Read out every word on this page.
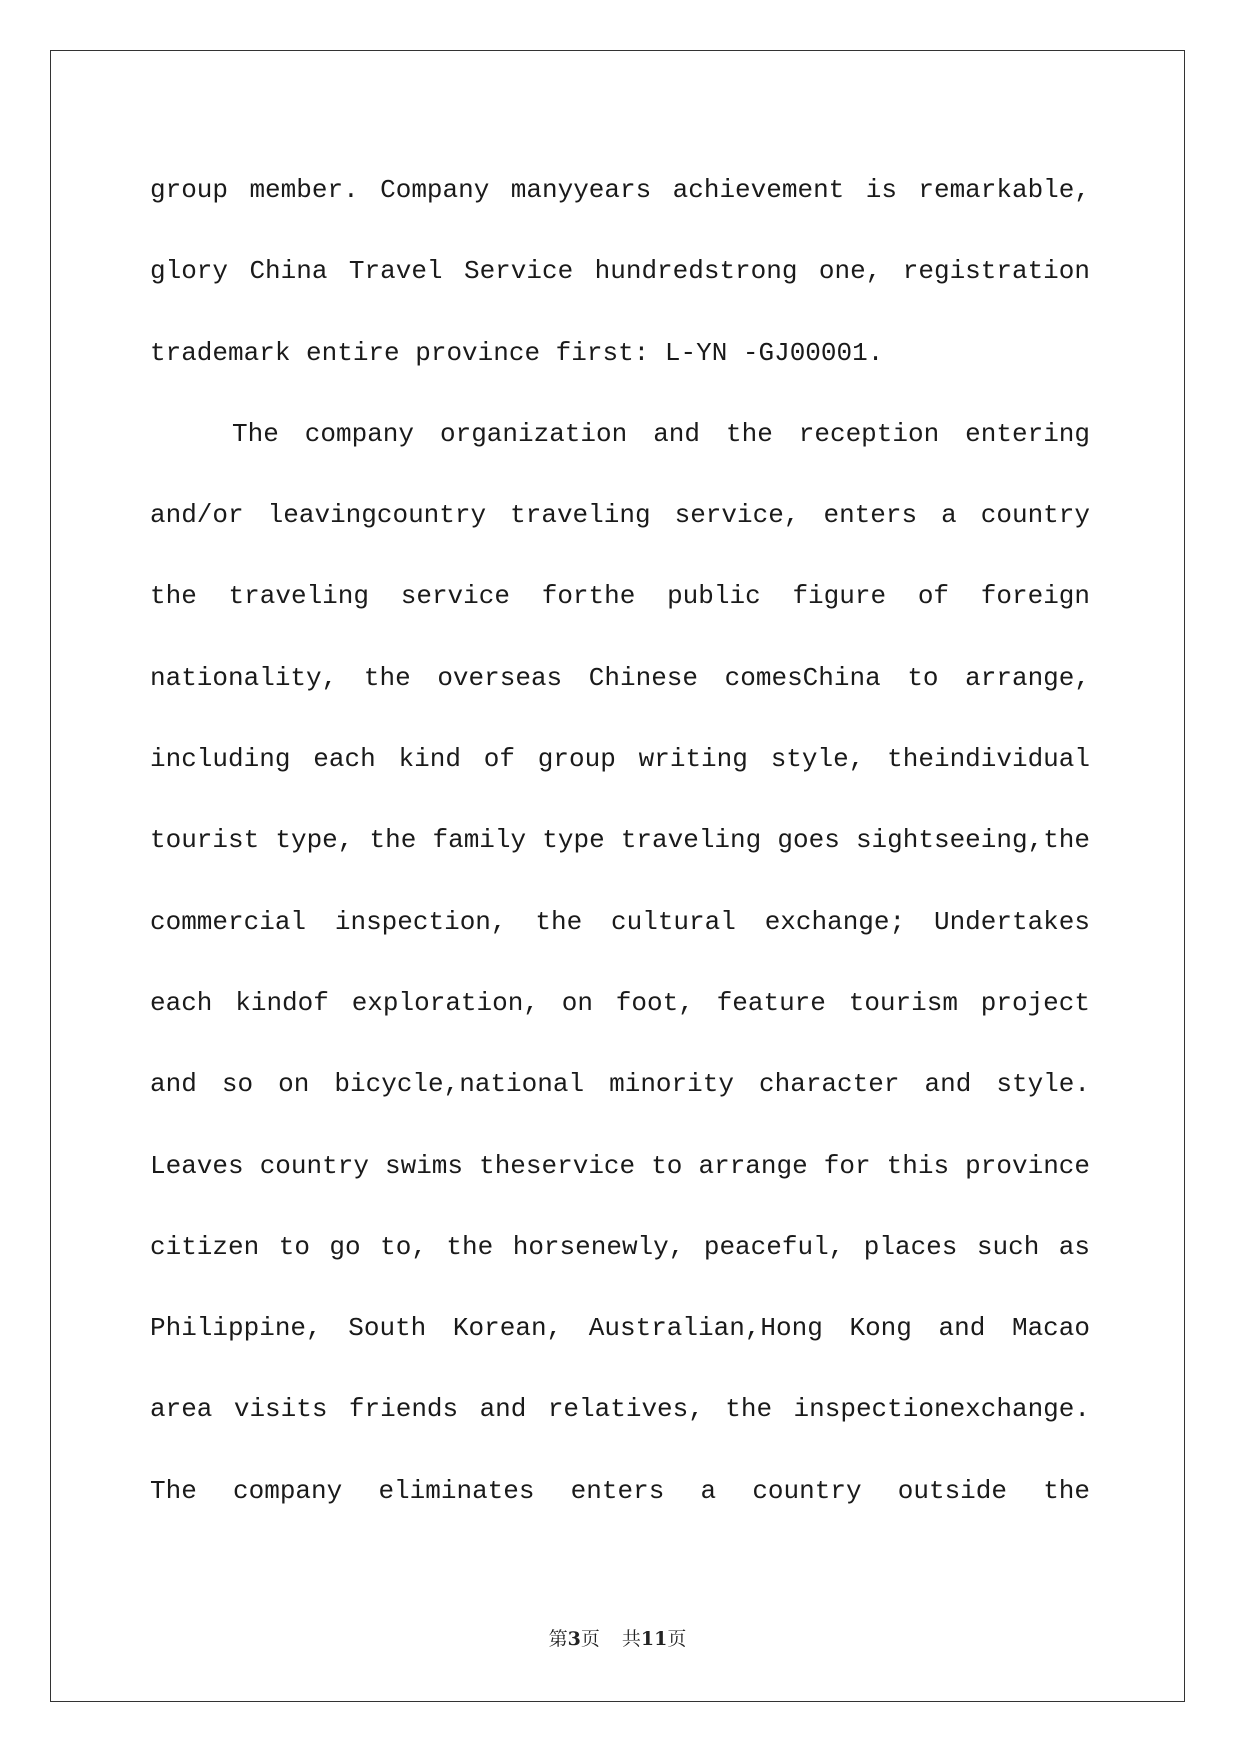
group member. Company manyyears achievement is remarkable,
glory China Travel Service hundredstrong one, registration
trademark entire province first: L-YN -GJ00001.
The company organization and the reception entering
and/or leavingcountry traveling service, enters a country
the traveling service forthe public figure of foreign
nationality, the overseas Chinese comesChina to arrange,
including each kind of group writing style, theindividual
tourist type, the family type traveling goes sightseeing,the
commercial inspection, the cultural exchange; Undertakes
each kindof exploration, on foot, feature tourism project
and so on bicycle,national minority character and style.
Leaves country swims theservice to arrange for this province
citizen to go to, the horsenewly, peaceful, places such as
Philippine, South Korean, Australian,Hong Kong and Macao
area visits friends and relatives, the inspectionexchange.
The company eliminates enters a country outside the
第3页 共11页
